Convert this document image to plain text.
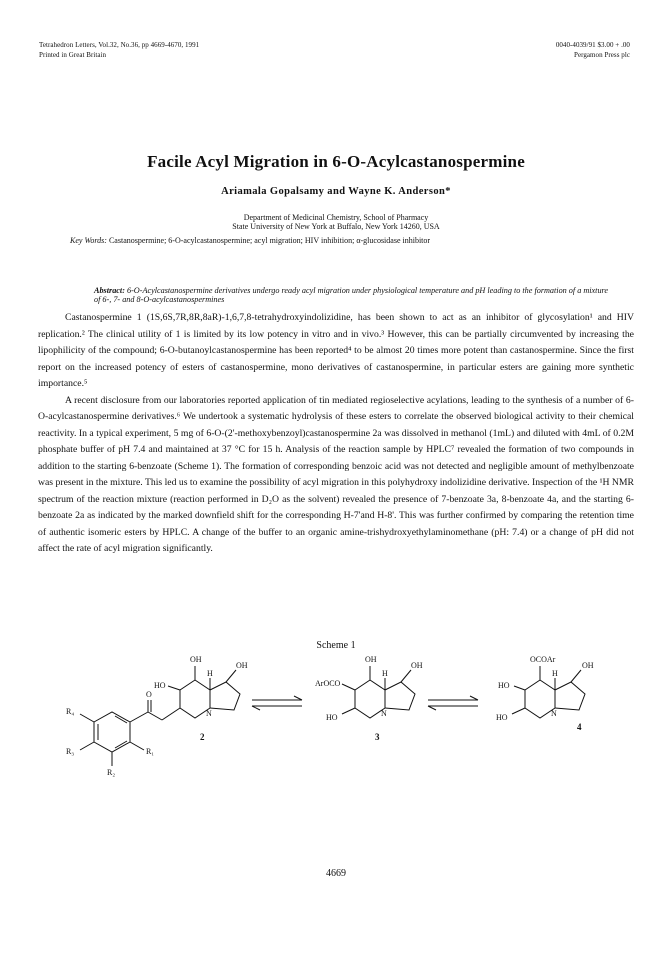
Tetrahedron Letters, Vol.32, No.36, pp 4669-4670, 1991
Printed in Great Britain
0040-4039/91 $3.00 + .00
Pergamon Press plc
Facile Acyl Migration in 6-O-Acylcastanospermine
Ariamala Gopalsamy and Wayne K. Anderson*
Department of Medicinal Chemistry, School of Pharmacy
State University of New York at Buffalo, New York 14260, USA
Key Words: Castanospermine; 6-O-acylcastanospermine; acyl migration; HIV inhibition; α-glucosidase inhibitor
Abstract: 6-O-Acylcastanospermine derivatives undergo ready acyl migration under physiological temperature and pH leading to the formation of a mixture of 6-, 7- and 8-O-acylcastanospermines

Castanospermine 1 (1S,6S,7R,8R,8aR)-1,6,7,8-tetrahydroxyindolizidine, has been shown to act as an inhibitor of glycosylation¹ and HIV replication.² The clinical utility of 1 is limited by its low potency in vitro and in vivo.³ However, this can be partially circumvented by increasing the lipophilicity of the compound; 6-O-butanoylcastanospermine has been reported⁴ to be almost 20 times more potent than castanospermine. Since the first report on the increased potency of esters of castanospermine, mono derivatives of castanospermine, in particular esters are gaining more synthetic importance.⁵

A recent disclosure from our laboratories reported application of tin mediated regioselective acylations, leading to the synthesis of a number of 6-O-acylcastanospermine derivatives.⁶ We undertook a systematic hydrolysis of these esters to correlate the observed biological activity to their chemical reactivity. In a typical experiment, 5 mg of 6-O-(2'-methoxybenzoyl)castanospermine 2a was dissolved in methanol (1mL) and diluted with 4mL of 0.2M phosphate buffer of pH 7.4 and maintained at 37 °C for 15 h. Analysis of the reaction sample by HPLC⁷ revealed the formation of two compounds in addition to the starting 6-benzoate (Scheme 1). The formation of corresponding benzoic acid was not detected and negligible amount of methylbenzoate was present in the mixture. This led us to examine the possibility of acyl migration in this polyhydroxy indolizidine derivative. Inspection of the ¹H NMR spectrum of the reaction mixture (reaction performed in D₂O as the solvent) revealed the presence of 7-benzoate 3a, 8-benzoate 4a, and the starting 6-benzoate 2a as indicated by the marked downfield shift for the corresponding H-7'and H-8'. This was further confirmed by comparing the retention time of authentic isomeric esters by HPLC. A change of the buffer to an organic amine-trishydroxyethylaminomethane (pH: 7.4) or a change of pH did not affect the rate of acyl migration significantly.

Scheme 1
OH
OH
HO
H
O
N
R₁
R₂
R₃
R₄
2
OH
OH
ArOCO
H
HO	N
3
OCOAr
OH
HO
H
HO	N
4
4669
